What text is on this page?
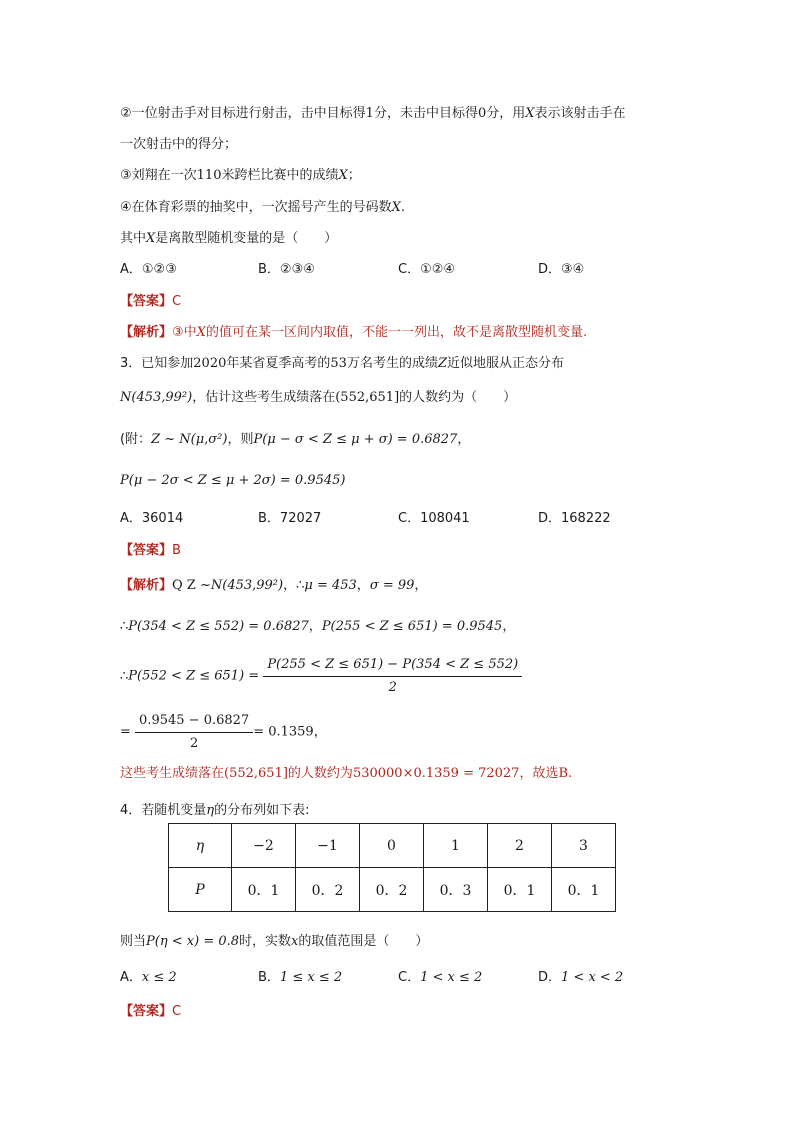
②一位射击手对目标进行射击，击中目标得1分，未击中目标得0分，用X表示该射击手在
一次射击中的得分；
③刘翔在一次110米跨栏比赛中的成绩X；
④在体育彩票的抽奖中，一次摇号产生的号码数X.
其中X是离散型随机变量的是（　　）
A．①②③	B．②③④	C．①②④	D．③④
【答案】C
【解析】③中X的值可在某一区间内取值，不能一一列出，故不是离散型随机变量.
3．已知参加2020年某省夏季高考的53万名考生的成绩Z近似地服从正态分布
N(453,99²)，估计这些考生成绩落在(552,651]的人数约为（　　）
(附：Z ~ N(μ,σ²)，则P(μ − σ < Z ≤ μ + σ) = 0.6827，
P(μ − 2σ < Z ≤ μ + 2σ) = 0.9545)
A．36014	B．72027	C．108041	D．168222
【答案】B
【解析】Q Z ~N(453,99²)，∴μ = 453，σ = 99，
∴P(354 < Z ≤ 552) = 0.6827，P(255 < Z ≤ 651) = 0.9545，
∴P(552 < $Z \le 651) = \frac{P(255 < Z \le 651) - P(354 < Z \le 552)}{2}$
= $\frac{0.9545 - 0.6827}{2} = 0.1359$，
这些考生成绩落在(552,651]的人数约为530000×0.1359 = 72027，故选B.
4．若随机变量η的分布列如下表:
η	−2	−1	0	1	2	3
P	0．1	0．2	0．2	0．3	0．1	0．1
则当P(η < x) = 0.8时，实数x的取值范围是（　　）
A．x ≤ 2	B．1 ≤ x ≤ 2	C．1 < x ≤ 2	D．1 < x < 2
【答案】C
